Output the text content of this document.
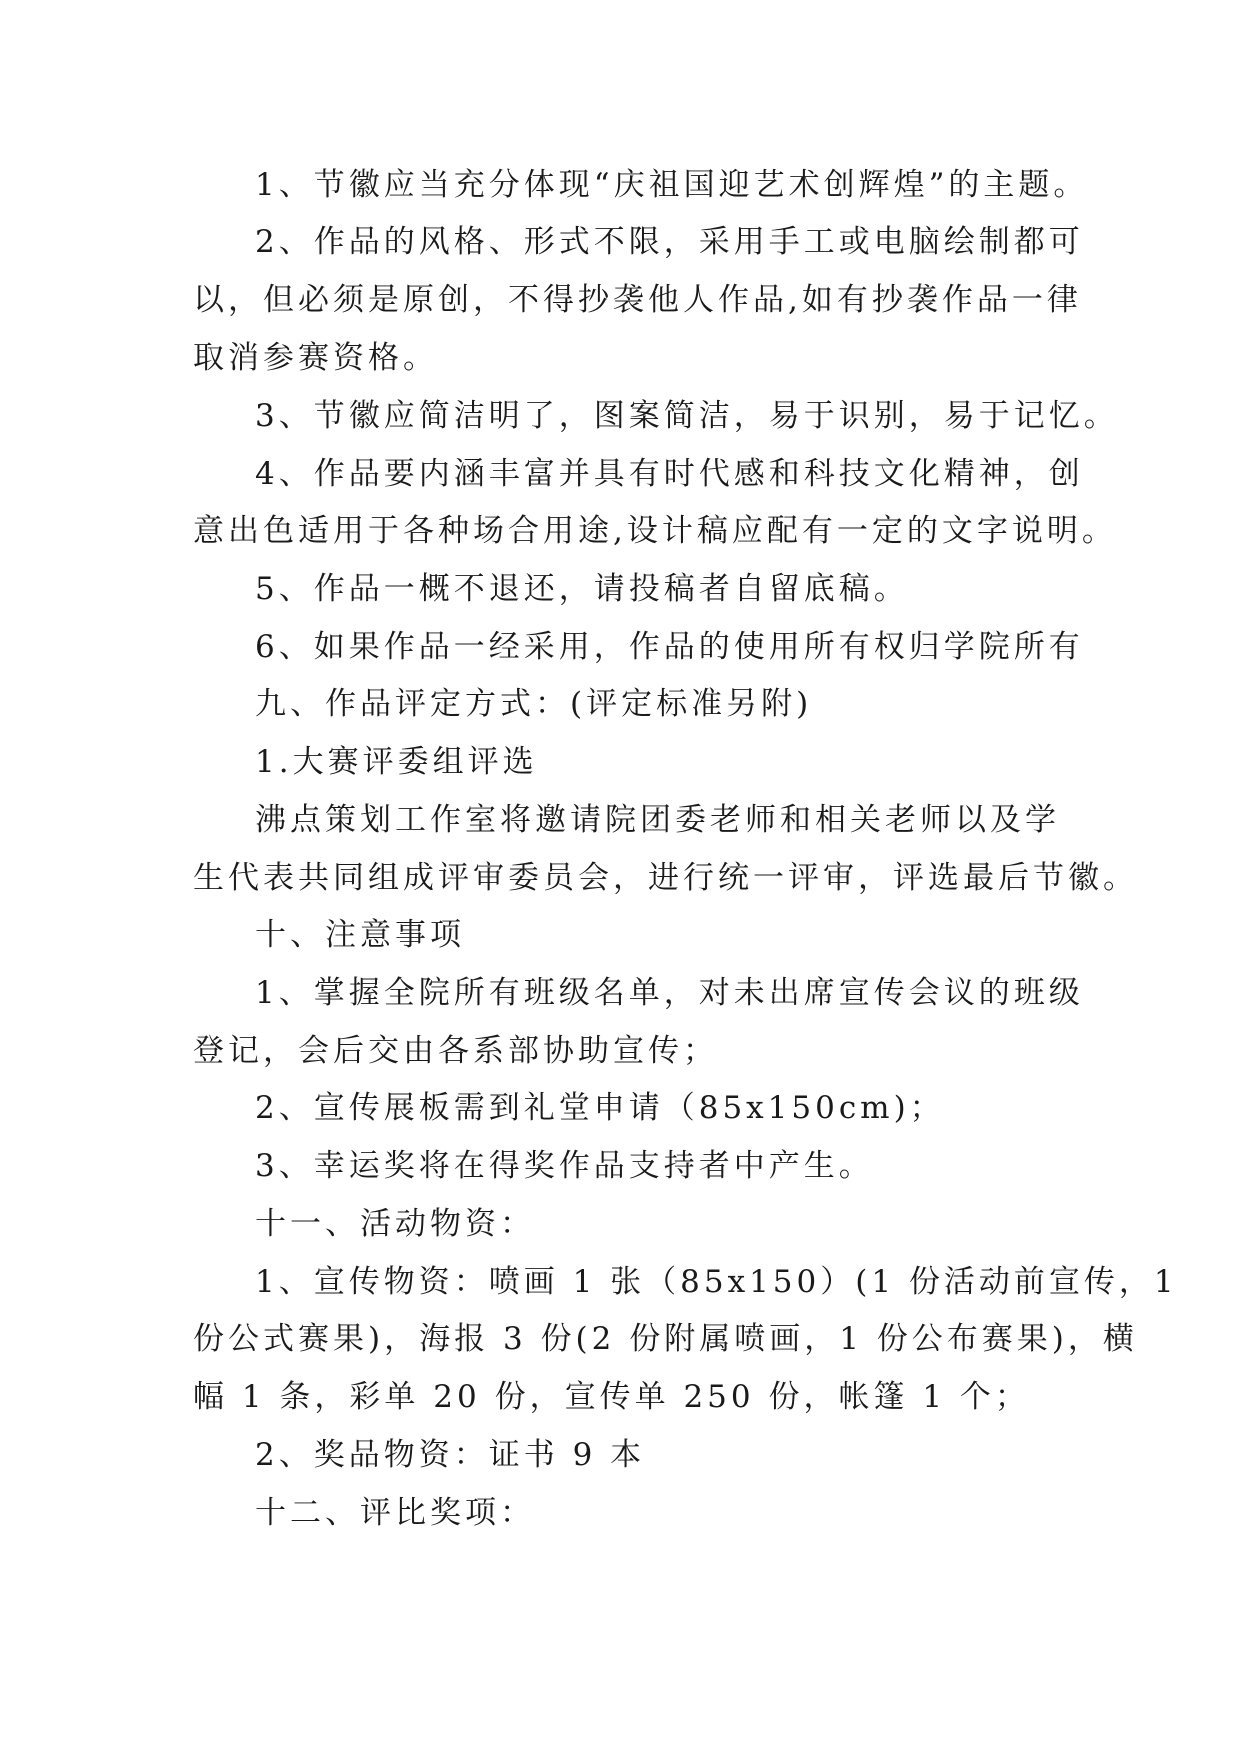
1、节徽应当充分体现“庆祖国迎艺术创辉煌”的主题。
2、作品的风格、形式不限，采用手工或电脑绘制都可
以，但必须是原创，不得抄袭他人作品,如有抄袭作品一律
取消参赛资格。
3、节徽应简洁明了，图案简洁，易于识别，易于记忆。
4、作品要内涵丰富并具有时代感和科技文化精神，创
意出色适用于各种场合用途,设计稿应配有一定的文字说明。
5、作品一概不退还，请投稿者自留底稿。
6、如果作品一经采用，作品的使用所有权归学院所有
九、作品评定方式：(评定标准另附)
1.大赛评委组评选
沸点策划工作室将邀请院团委老师和相关老师以及学
生代表共同组成评审委员会，进行统一评审，评选最后节徽。
十、注意事项
1、掌握全院所有班级名单，对未出席宣传会议的班级
登记，会后交由各系部协助宣传；
2、宣传展板需到礼堂申请（85x150cm)；
3、幸运奖将在得奖作品支持者中产生。
十一、活动物资：
1、宣传物资：喷画 1 张（85x150）(1 份活动前宣传，1
份公式赛果)，海报 3 份(2 份附属喷画，1 份公布赛果)，横
幅 1 条，彩单 20 份，宣传单 250 份，帐篷 1 个；
2、奖品物资：证书 9 本
十二、评比奖项：
